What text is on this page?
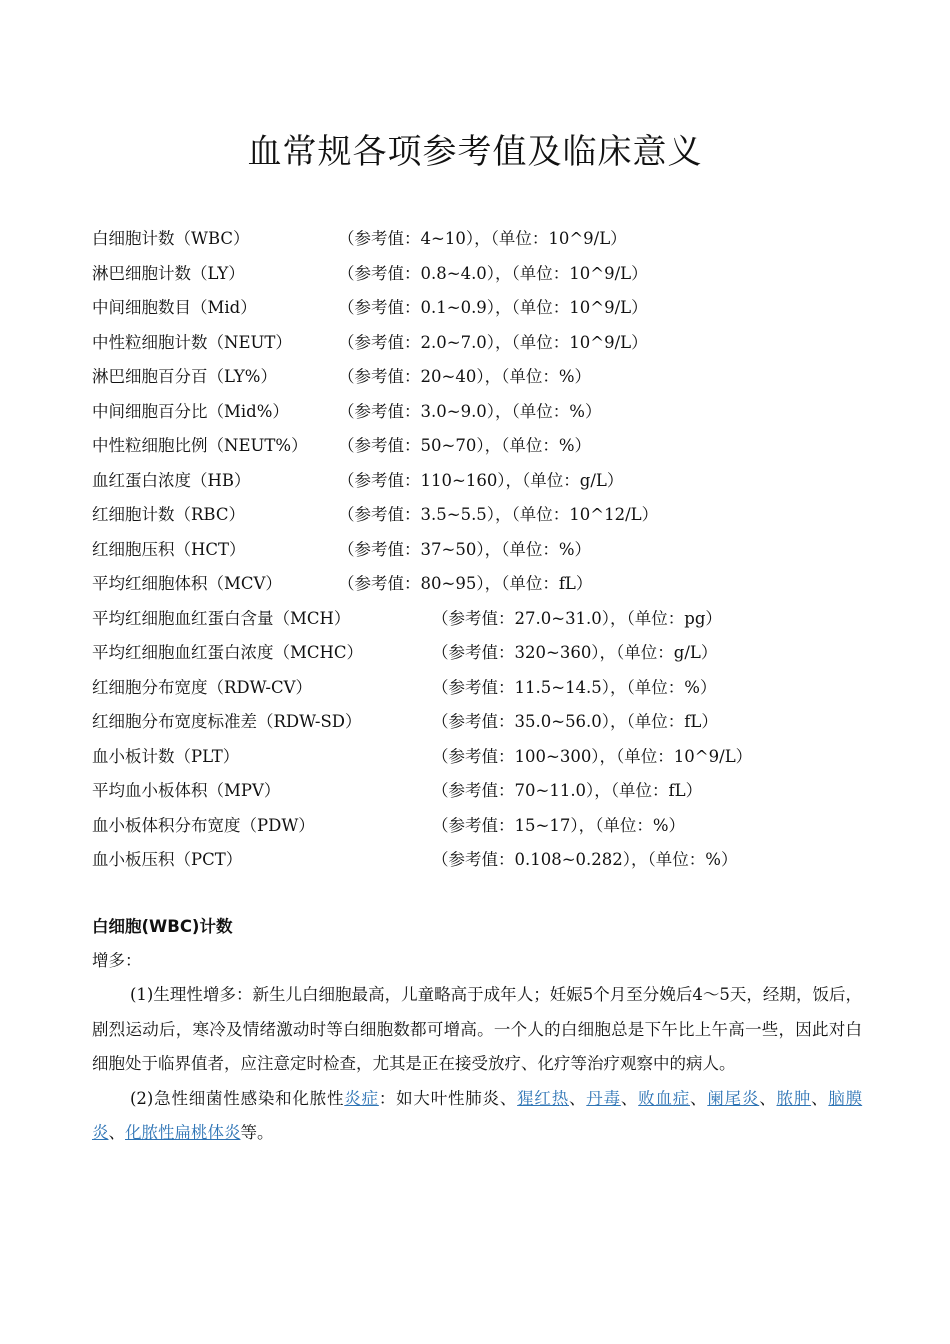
血常规各项参考值及临床意义
白细胞计数（WBC）	（参考值：4~10），（单位：10^9/L）
淋巴细胞计数（LY）	（参考值：0.8~4.0），（单位：10^9/L）
中间细胞数目（Mid）	（参考值：0.1~0.9），（单位：10^9/L）
中性粒细胞计数（NEUT）	（参考值：2.0~7.0），（单位：10^9/L）
淋巴细胞百分百（LY%）	（参考值：20~40），（单位：%）
中间细胞百分比（Mid%）	（参考值：3.0~9.0），（单位：%）
中性粒细胞比例（NEUT%） （参考值：50~70），（单位：%）
血红蛋白浓度（HB）	（参考值：110~160），（单位：g/L）
红细胞计数（RBC）	（参考值：3.5~5.5），（单位：10^12/L）
红细胞压积（HCT）	（参考值：37~50），（单位：%）
平均红细胞体积（MCV）	（参考值：80~95），（单位：fL）
平均红细胞血红蛋白含量（MCH）	（参考值：27.0~31.0），（单位：pg）
平均红细胞血红蛋白浓度（MCHC）	（参考值：320~360），（单位：g/L）
红细胞分布宽度（RDW-CV）	（参考值：11.5~14.5），（单位：%）
红细胞分布宽度标准差（RDW-SD）	（参考值：35.0~56.0），（单位：fL）
血小板计数（PLT）	（参考值：100~300），（单位：10^9/L）
平均血小板体积（MPV）	（参考值：70~11.0），（单位：fL）
血小板体积分布宽度（PDW）	（参考值：15~17），（单位：%）
血小板压积（PCT）	（参考值：0.108~0.282），（单位：%）

白细胞(WBC)计数

增多：

(1)生理性增多：新生儿白细胞最高，儿童略高于成年人；妊娠5个月至分娩后4～5天，经期，饭后，剧烈运动后，寒冷及情绪激动时等白细胞数都可增高。一个人的白细胞总是下午比上午高一些，因此对白细胞处于临界值者，应注意定时检查，尤其是正在接受放疗、化疗等治疗观察中的病人。

(2)急性细菌性感染和化脓性炎症：如大叶性肺炎、猩红热、丹毒、败血症、阑尾炎、脓肿、脑膜炎、化脓性扁桃体炎等。
